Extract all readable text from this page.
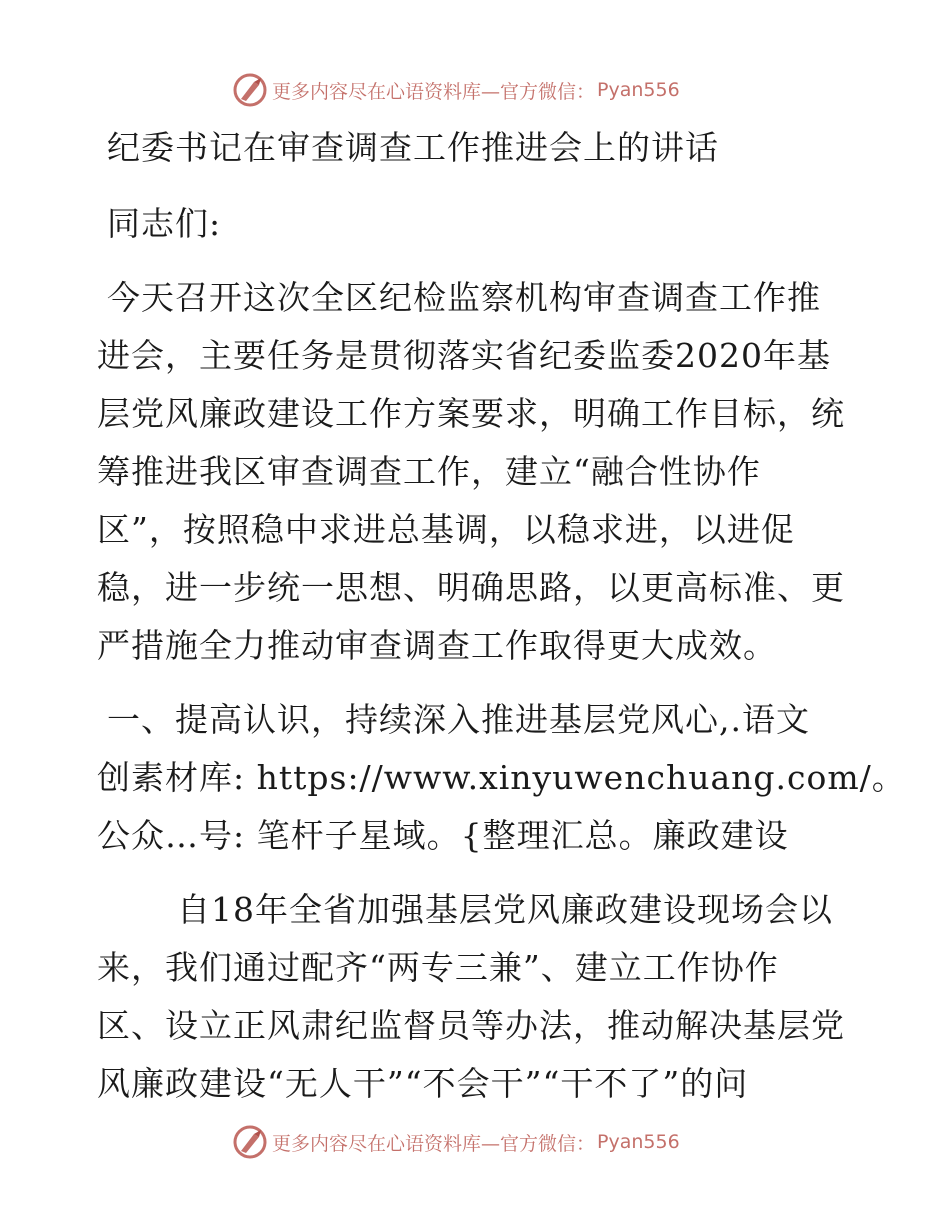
更多内容尽在心语资料库—官方微信： Pyan556

纪委书记在审查调查工作推进会上的讲话

同志们:

今天召开这次全区纪检监察机构审查调查工作推

进会，主要任务是贯彻落实省纪委监委2020年基

层党风廉政建设工作方案要求，明确工作目标，统

筹推进我区审查调查工作，建立“融合性协作

区”，按照稳中求进总基调，以稳求进，以进促

稳，进一步统一思想、明确思路，以更高标准、更

严措施全力推动审查调查工作取得更大成效。

一、提高认识，持续深入推进基层党风心,.语文

创素材库: https://www.xinyuwenchuang.com/。

公众…号: 笔杆子星域。{整理汇总。廉政建设

自18年全省加强基层党风廉政建设现场会以

来，我们通过配齐“两专三兼”、建立工作协作

区、设立正风肃纪监督员等办法，推动解决基层党

风廉政建设“无人干”“不会干”“干不了”的问

更多内容尽在心语资料库—官方微信： Pyan556
